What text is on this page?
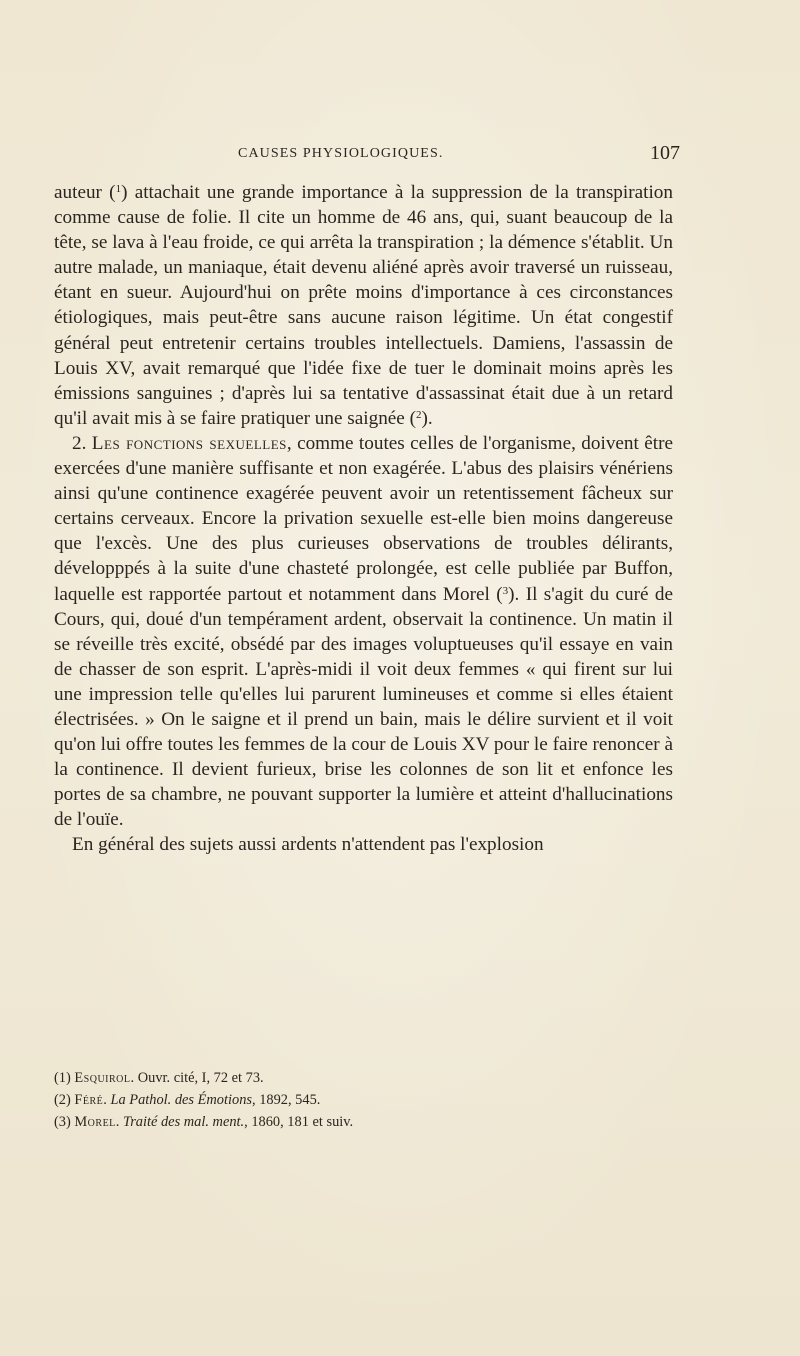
CAUSES PHYSIOLOGIQUES.	107

auteur ($^1$) attachait une grande importance à la suppression de la transpiration comme cause de folie. Il cite un homme de 46 ans, qui, suant beaucoup de la tête, se lava à l'eau froide, ce qui arrêta la transpiration ; la démence s'établit. Un autre malade, un maniaque, était devenu aliéné après avoir traversé un ruisseau, étant en sueur. Aujourd'hui on prête moins d'importance à ces circonstances étiologiques, mais peut-être sans aucune raison légitime. Un état congestif général peut entretenir certains troubles intellectuels. Damiens, l'assassin de Louis XV, avait remarqué que l'idée fixe de tuer le dominait moins après les émissions sanguines ; d'après lui sa tentative d'assassinat était due à un retard qu'il avait mis à se faire pratiquer une saignée ($^2$).

2. Les fonctions sexuelles, comme toutes celles de l'organisme, doivent être exercées d'une manière suffisante et non exagérée. L'abus des plaisirs vénériens ainsi qu'une continence exagérée peuvent avoir un retentissement fâcheux sur certains cerveaux. Encore la privation sexuelle est-elle bien moins dangereuse que l'excès. Une des plus curieuses observations de troubles délirants, développpés à la suite d'une chasteté prolongée, est celle publiée par Buffon, laquelle est rapportée partout et notamment dans Morel ($^3$). Il s'agit du curé de Cours, qui, doué d'un tempérament ardent, observait la continence. Un matin il se réveille très excité, obsédé par des images voluptueuses qu'il essaye en vain de chasser de son esprit. L'après-midi il voit deux femmes « qui firent sur lui une impression telle qu'elles lui parurent lumineuses et comme si elles étaient électrisées. » On le saigne et il prend un bain, mais le délire survient et il voit qu'on lui offre toutes les femmes de la cour de Louis XV pour le faire renoncer à la continence. Il devient furieux, brise les colonnes de son lit et enfonce les portes de sa chambre, ne pouvant supporter la lumière et atteint d'hallucinations de l'ouïe.

En général des sujets aussi ardents n'attendent pas l'explosion

(1) Esquirol. Ouvr. cité, I, 72 et 73.
(2) Féré. La Pathol. des Émotions, 1892, 545.
(3) Morel. Traité des mal. ment., 1860, 181 et suiv.
